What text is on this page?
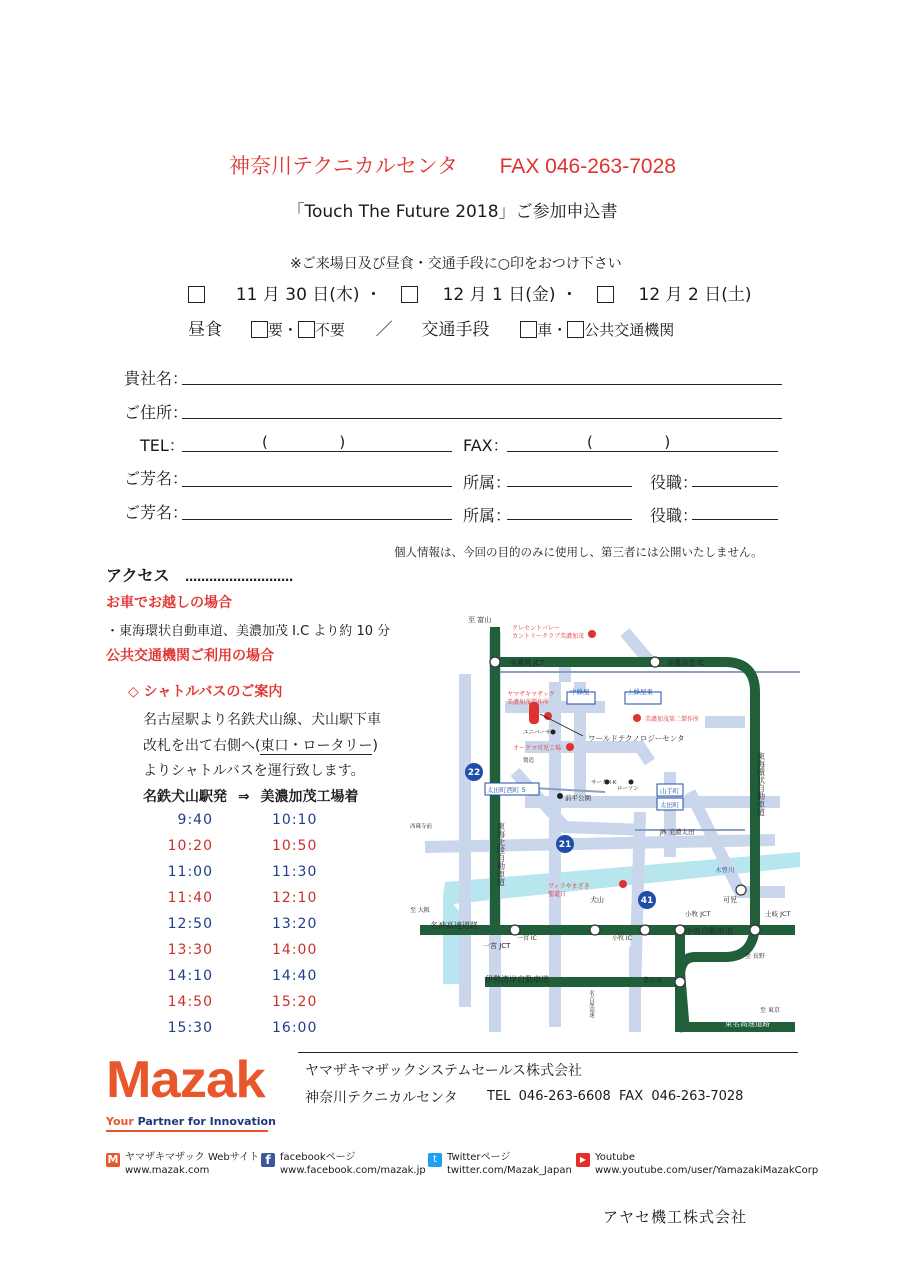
神奈川テクニカルセンタ FAX 046-263-7028
「Touch The Future 2018」ご参加申込書
※ご来場日及び昼食・交通手段に○印をおつけ下さい
11 月 30 日(木) ・	12 月 1 日(金) ・	12 月 2 日(土)
昼食	要・ 不要 ／ 交通手段	車・ 公共交通機関
貴社名：
ご住所：
TEL：	(               )	FAX：	(               )
ご芳名：	所属：	役職：
ご芳名：	所属：	役職：
個人情報は、今回の目的のみに使用し、第三者には公開いたしません。
アクセス ………………………
お車でお越しの場合
・東海環状自動車道、美濃加茂 I.C より約 10 分
公共交通機関ご利用の場合
◇ シャトルバスのご案内
名古屋駅より名鉄犬山線、犬山駅下車
改札を出て右側へ(東口・ロータリー)
よりシャトルバスを運行致します。
名鉄犬山駅発 ⇒ 美濃加茂工場着
9:40	10:10
10:20	10:50
11:00	11:30
11:40	12:10
12:50	13:20
13:30	14:00
14:10	14:40
14:50	15:20
15:30	16:00
22
21
41
至 富山
美濃関 JCT	美濃加茂 IC
中蜂屋	上蜂屋東
製造
ワールドテクノロジーセンタ
太田町西町 5
サークルK
ローソン
前平公園
山手町
太田町
西蔵寺前
JR 美濃太田
木曽川
ヴィラやまざき
聖道日
至 大阪
犬山	可児
小牧 JCT	土岐 JCT
名神高速道路
一宮 IC	小牧 IC
中央自動車道
一宮 JCT
至 長野
伊勢湾岸自動車道	豊田 IC
至 東京
東名高速道路
クレセントバレー
カントリークラブ美濃加茂
ヤマザキマザック
美濃加茂製作所
美濃加茂第二製作所
オークマ可児工場
ユニバーサル
東海北陸自動車道
東海環状自動車道
名古屋高速
Mazak
Your Partner for Innovation
ヤマザキマザックシステムセールス株式会社
神奈川テクニカルセンタ TEL  046-263-6608  FAX  046-263-7028
M ヤマザキマザック Webサイト
www.mazak.com
f facebookページ
www.facebook.com/mazak.jp
t	Twitterページ
twitter.com/Mazak_Japan
▶ Youtube
www.youtube.com/user/YamazakiMazakCorp
アヤセ機工株式会社
